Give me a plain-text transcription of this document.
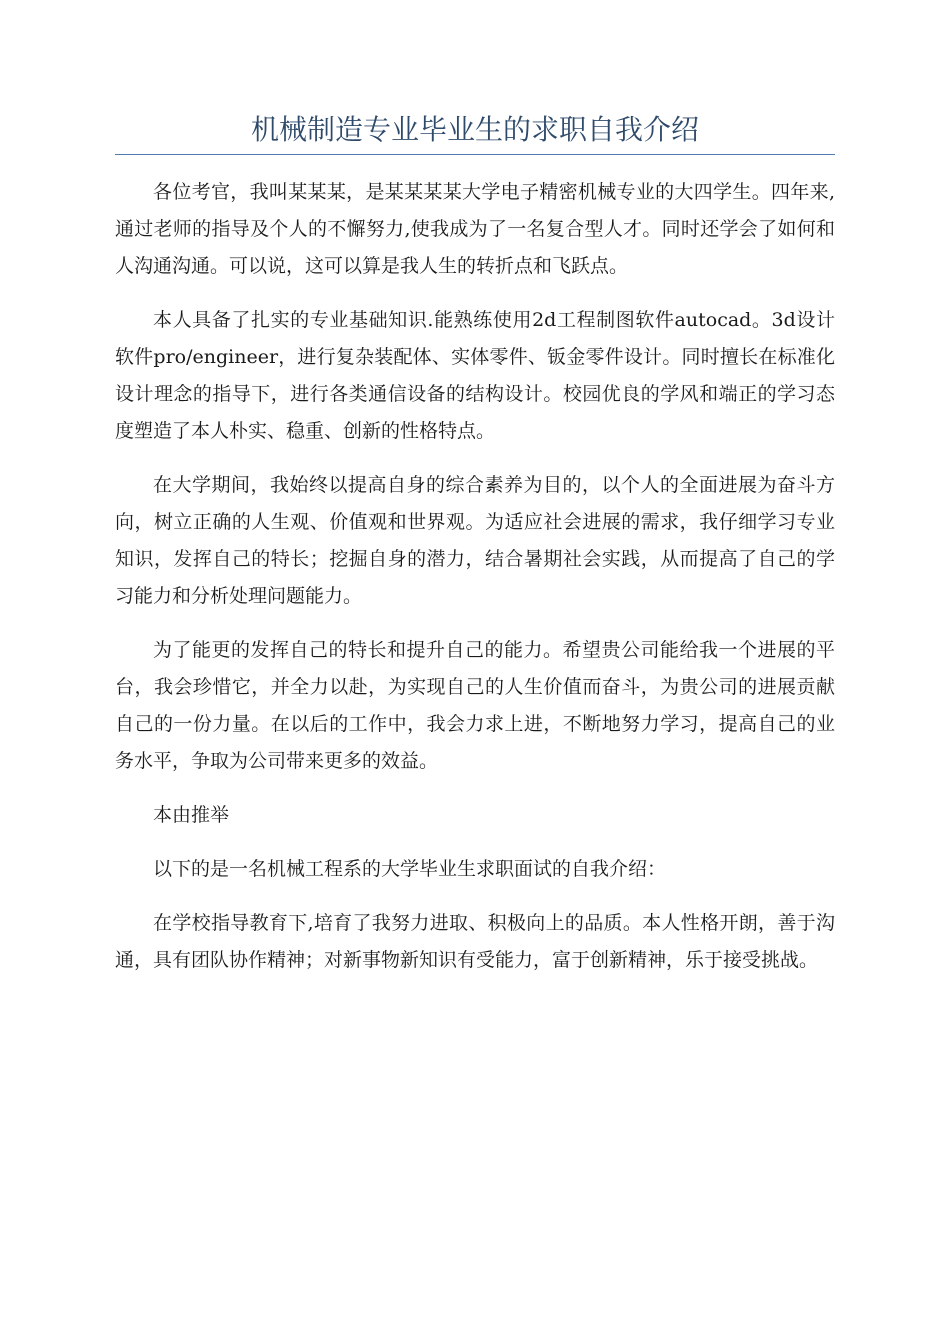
机械制造专业毕业生的求职自我介绍

各位考官，我叫某某某，是某某某某大学电子精密机械专业的大四学生。四年来,通过老师的指导及个人的不懈努力,使我成为了一名复合型人才。同时还学会了如何和人沟通沟通。可以说，这可以算是我人生的转折点和飞跃点。

本人具备了扎实的专业基础知识.能熟练使用2d工程制图软件autocad。3d设计软件pro/engineer，进行复杂装配体、实体零件、钣金零件设计。同时擅长在标准化设计理念的指导下，进行各类通信设备的结构设计。校园优良的学风和端正的学习态度塑造了本人朴实、稳重、创新的性格特点。

在大学期间，我始终以提高自身的综合素养为目的，以个人的全面进展为奋斗方向，树立正确的人生观、价值观和世界观。为适应社会进展的需求，我仔细学习专业知识，发挥自己的特长；挖掘自身的潜力，结合暑期社会实践，从而提高了自己的学习能力和分析处理问题能力。

为了能更的发挥自己的特长和提升自己的能力。希望贵公司能给我一个进展的平台，我会珍惜它，并全力以赴，为实现自己的人生价值而奋斗，为贵公司的进展贡献自己的一份力量。在以后的工作中，我会力求上进，不断地努力学习，提高自己的业务水平，争取为公司带来更多的效益。

本由推举

以下的是一名机械工程系的大学毕业生求职面试的自我介绍：

在学校指导教育下,培育了我努力进取、积极向上的品质。本人性格开朗，善于沟通，具有团队协作精神；对新事物新知识有受能力，富于创新精神，乐于接受挑战。
